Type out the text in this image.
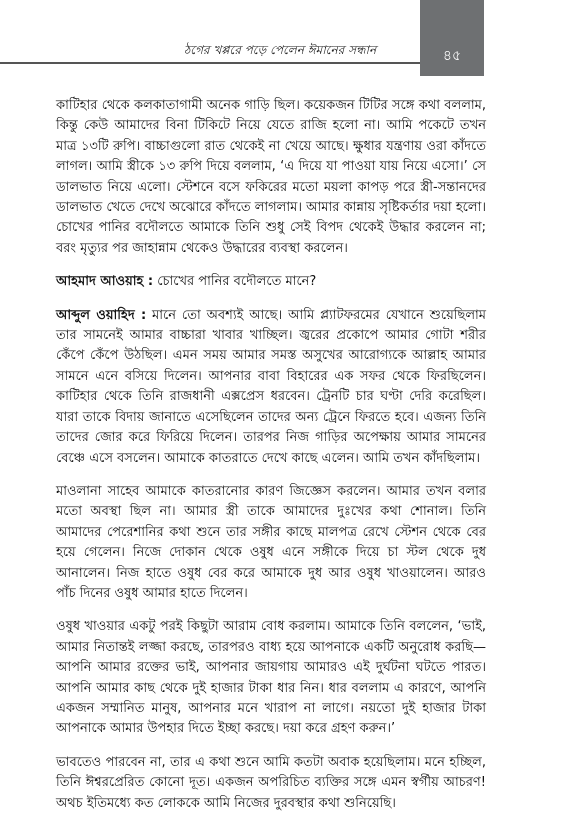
ঠগের খপ্পরে পড়ে পেলেন ঈমানের সন্ধান	৪৫

কাটিহার থেকে কলকাতাগামী অনেক গাড়ি ছিল। কয়েকজন টিটির সঙ্গে কথা বললাম, কিন্তু কেউ আমাদের বিনা টিকিটে নিয়ে যেতে রাজি হলো না। আমি পকেটে তখন মাত্র ১৩টি রুপি। বাচ্চাগুলো রাত থেকেই না খেয়ে আছে। ক্ষুধার যন্ত্রণায় ওরা কাঁদতে লাগল। আমি স্ত্রীকে ১৩ রুপি দিয়ে বললাম, ‘এ দিয়ে যা পাওয়া যায় নিয়ে এসো।’ সে ডালভাত নিয়ে এলো। স্টেশনে বসে ফকিরের মতো ময়লা কাপড় পরে স্ত্রী-সন্তানদের ডালভাত খেতে দেখে অঝোরে কাঁদতে লাগলাম। আমার কান্নায় সৃষ্টিকর্তার দয়া হলো। চোখের পানির বদৌলতে আমাকে তিনি শুধু সেই বিপদ থেকেই উদ্ধার করলেন না; বরং মৃত্যুর পর জাহান্নাম থেকেও উদ্ধারের ব্যবস্থা করলেন।

আহমাদ আওয়াহ : চোখের পানির বদৌলতে মানে?

আব্দুল ওয়াহিদ : মানে তো অবশ্যই আছে। আমি প্ল্যাটফরমের যেখানে শুয়েছিলাম তার সামনেই আমার বাচ্চারা খাবার খাচ্ছিল। জ্বরের প্রকোপে আমার গোটা শরীর কেঁপে কেঁপে উঠছিল। এমন সময় আমার সমস্ত অসুখের আরোগ্যকে আল্লাহ আমার সামনে এনে বসিয়ে দিলেন। আপনার বাবা বিহারের এক সফর থেকে ফিরছিলেন। কাটিহার থেকে তিনি রাজধানী এক্সপ্রেস ধরবেন। ট্রেনটি চার ঘণ্টা দেরি করেছিল। যারা তাকে বিদায় জানাতে এসেছিলেন তাদের অন্য ট্রেনে ফিরতে হবে। এজন্য তিনি তাদের জোর করে ফিরিয়ে দিলেন। তারপর নিজ গাড়ির অপেক্ষায় আমার সামনের বেঞ্চে এসে বসলেন। আমাকে কাতরাতে দেখে কাছে এলেন। আমি তখন কাঁদছিলাম।

মাওলানা সাহেব আমাকে কাতরানোর কারণ জিজ্ঞেস করলেন। আমার তখন বলার মতো অবস্থা ছিল না। আমার স্ত্রী তাকে আমাদের দুঃখের কথা শোনাল। তিনি আমাদের পেরেশানির কথা শুনে তার সঙ্গীর কাছে মালপত্র রেখে স্টেশন থেকে বের হয়ে গেলেন। নিজে দোকান থেকে ওষুধ এনে সঙ্গীকে দিয়ে চা স্টল থেকে দুধ আনালেন। নিজ হাতে ওষুধ বের করে আমাকে দুধ আর ওষুধ খাওয়ালেন। আরও পাঁচ দিনের ওষুধ আমার হাতে দিলেন।

ওষুধ খাওয়ার একটু পরই কিছুটা আরাম বোধ করলাম। আমাকে তিনি বললেন, ‘ভাই, আমার নিতান্তই লজ্জা করছে, তারপরও বাধ্য হয়ে আপনাকে একটি অনুরোধ করছি—আপনি আমার রক্তের ভাই, আপনার জায়গায় আমারও এই দুর্ঘটনা ঘটতে পারত। আপনি আমার কাছ থেকে দুই হাজার টাকা ধার নিন। ধার বললাম এ কারণে, আপনি একজন সম্মানিত মানুষ, আপনার মনে খারাপ না লাগে। নয়তো দুই হাজার টাকা আপনাকে আমার উপহার দিতে ইচ্ছা করছে। দয়া করে গ্রহণ করুন।’

ভাবতেও পারবেন না, তার এ কথা শুনে আমি কতটা অবাক হয়েছিলাম। মনে হচ্ছিল, তিনি ঈশ্বরপ্রেরিত কোনো দূত। একজন অপরিচিত ব্যক্তির সঙ্গে এমন স্বর্গীয় আচরণ! অথচ ইতিমধ্যে কত লোককে আমি নিজের দুরবস্থার কথা শুনিয়েছি।
